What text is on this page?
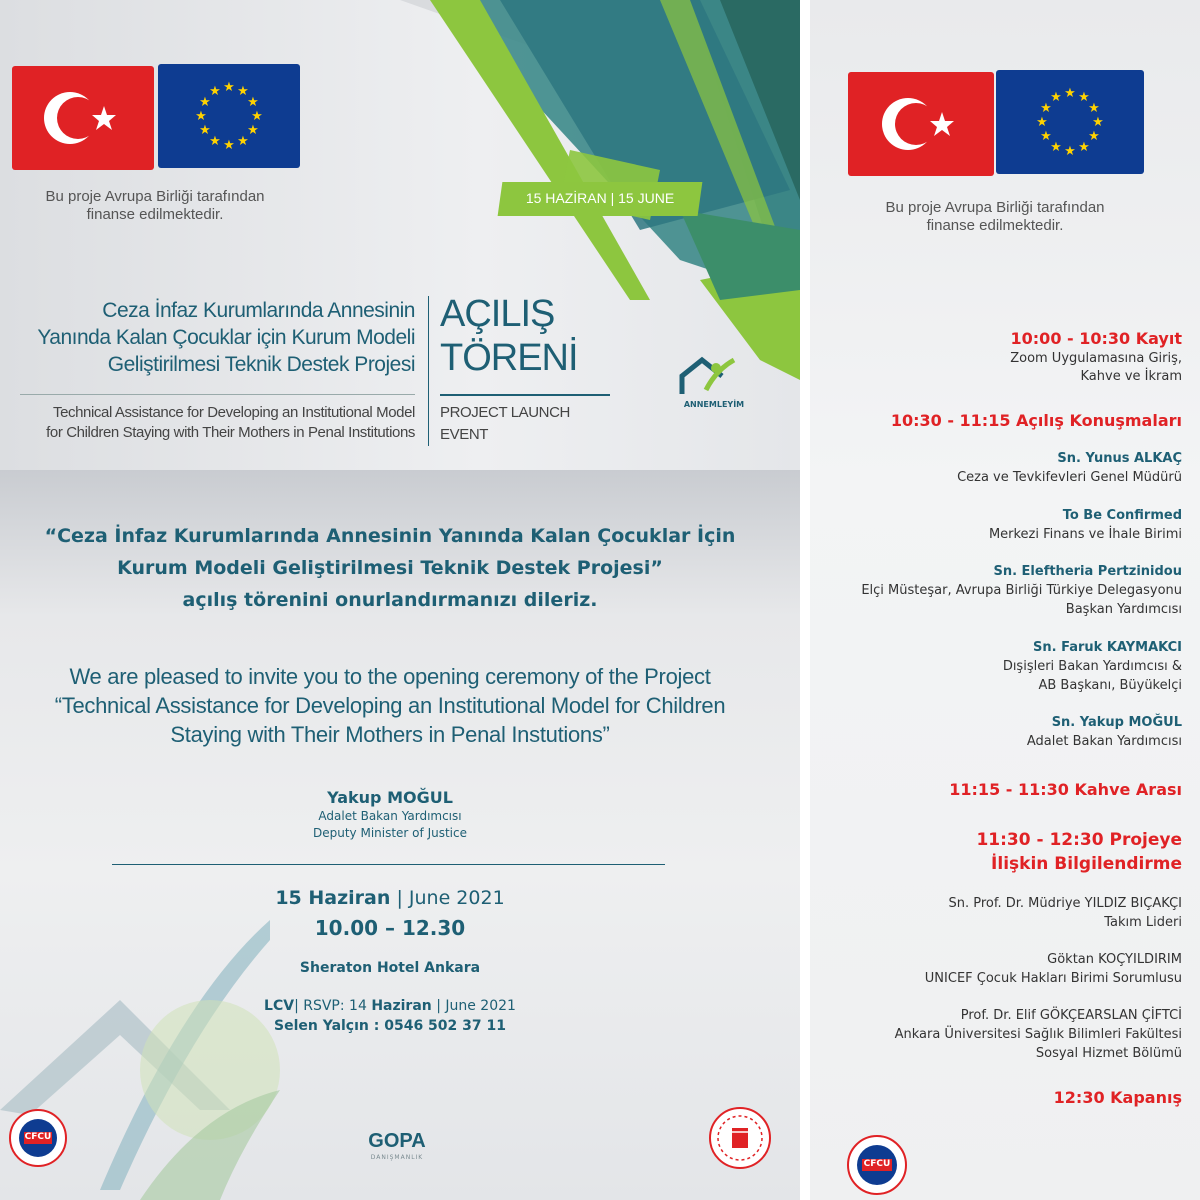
★ ★
★
★
★
★
★
★
★
★
★
★
Bu proje Avrupa Birliği tarafından
finanse edilmektedir.
15 HAZİRAN | 15 JUNE
Ceza İnfaz Kurumlarında Annesinin
Yanında Kalan Çocuklar için Kurum Modeli
Geliştirilmesi Teknik Destek Projesi
Technical Assistance for Developing an Institutional Model
for Children Staying with Their Mothers in Penal Institutions
AÇILIŞ
TÖRENİ
PROJECT LAUNCH
EVENT
ANNEMLEYİM
“Ceza İnfaz Kurumlarında Annesinin Yanında Kalan Çocuklar İçin
Kurum Modeli Geliştirilmesi Teknik Destek Projesi”
açılış törenini onurlandırmanızı dileriz.
We are pleased to invite you to the opening ceremony of the Project
“Technical Assistance for Developing an Institutional Model for Children
Staying with Their Mothers in Penal Instutions”
Yakup MOĞUL
Adalet Bakan Yardımcısı
Deputy Minister of Justice
15 Haziran | June 2021
10.00 – 12.30
Sheraton Hotel Ankara
LCV| RSVP: 14 Haziran | June 2021
Selen Yalçın : 0546 502 37 11
CFCU	GOPA
DANIŞMANLIK
★ ★
★
★
★
★
★
★
★
★
★
★
Bu proje Avrupa Birliği tarafından
finanse edilmektedir.
10:00 - 10:30 Kayıt
Zoom Uygulamasına Giriş,
Kahve ve İkram
10:30 - 11:15 Açılış Konuşmaları
Sn. Yunus ALKAÇ
Ceza ve Tevkifevleri Genel Müdürü
To Be Confirmed
Merkezi Finans ve İhale Birimi
Sn. Eleftheria Pertzinidou
Elçi Müsteşar, Avrupa Birliği Türkiye Delegasyonu
Başkan Yardımcısı
Sn. Faruk KAYMAKCI
Dışişleri Bakan Yardımcısı &
AB Başkanı, Büyükelçi
Sn. Yakup MOĞUL
Adalet Bakan Yardımcısı
11:15 - 11:30 Kahve Arası
11:30 - 12:30 Projeye
İlişkin Bilgilendirme
Sn. Prof. Dr. Müdriye YILDIZ BIÇAKÇI
Takım Lideri
Göktan KOÇYILDIRIM
UNICEF Çocuk Hakları Birimi Sorumlusu
Prof. Dr. Elif GÖKÇEARSLAN ÇİFTCİ
Ankara Üniversitesi Sağlık Bilimleri Fakültesi
Sosyal Hizmet Bölümü
12:30 Kapanış
CFCU
